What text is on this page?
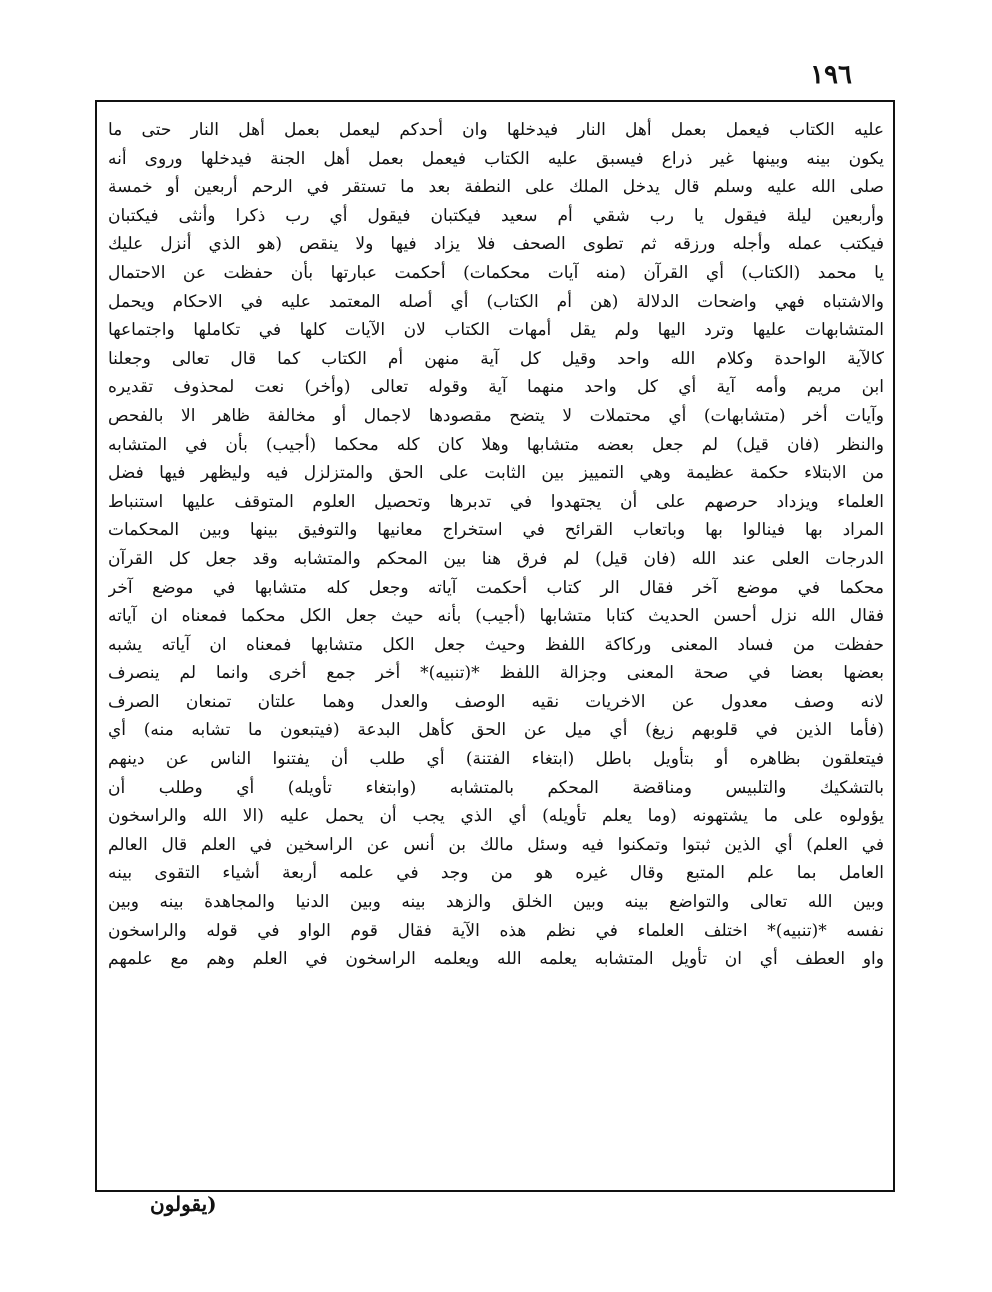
١٩٦
عليه الكتاب فيعمل بعمل أهل النار فيدخلها وان أحدكم ليعمل بعمل أهل النار حتى ما
يكون بينه وبينها غير ذراع فيسبق عليه الكتاب فيعمل بعمل أهل الجنة فيدخلها وروى أنه
صلى الله عليه وسلم قال يدخل الملك على النطفة بعد ما تستقر في الرحم أربعين أو خمسة
وأربعين ليلة فيقول يا رب شقي أم سعيد فيكتبان فيقول أي رب ذكرا وأنثى فيكتبان
فيكتب عمله وأجله ورزقه ثم تطوى الصحف فلا يزاد فيها ولا ينقص (هو الذي أنزل عليك
يا محمد (الكتاب) أي القرآن (منه آيات محكمات) أحكمت عبارتها بأن حفظت عن الاحتمال
والاشتباه فهي واضحات الدلالة (هن أم الكتاب) أي أصله المعتمد عليه في الاحكام ويحمل
المتشابهات عليها وترد اليها ولم يقل أمهات الكتاب لان الآيات كلها في تكاملها واجتماعها
كالآية الواحدة وكلام الله واحد وقيل كل آية منهن أم الكتاب كما قال تعالى وجعلنا
ابن مريم وأمه آية أي كل واحد منهما آية وقوله تعالى (وأخر) نعت لمحذوف تقديره
وآيات أخر (متشابهات) أي محتملات لا يتضح مقصودها لاجمال أو مخالفة ظاهر الا بالفحص
والنظر (فان قيل) لم جعل بعضه متشابها وهلا كان كله محكما (أجيب) بأن في المتشابه
من الابتلاء حكمة عظيمة وهي التمييز بين الثابت على الحق والمتزلزل فيه وليظهر فيها فضل
العلماء ويزداد حرصهم على أن يجتهدوا في تدبرها وتحصيل العلوم المتوقف عليها استنباط
المراد بها فينالوا بها وباتعاب القرائح في استخراج معانيها والتوفيق بينها وبين المحكمات
الدرجات العلى عند الله (فان قيل) لم فرق هنا بين المحكم والمتشابه وقد جعل كل القرآن
محكما في موضع آخر فقال الر كتاب أحكمت آياته وجعل كله متشابها في موضع آخر
فقال الله نزل أحسن الحديث كتابا متشابها (أجيب) بأنه حيث جعل الكل محكما فمعناه ان آياته
حفظت من فساد المعنى وركاكة اللفظ وحيث جعل الكل متشابها فمعناه ان آياته يشبه
بعضها بعضا في صحة المعنى وجزالة اللفظ *(تنبيه)* أخر جمع أخرى وانما لم ينصرف
لانه وصف معدول عن الاخريات نقيه الوصف والعدل وهما علتان تمنعان الصرف
(فأما الذين في قلوبهم زيغ) أي ميل عن الحق كأهل البدعة (فيتبعون ما تشابه منه) أي
فيتعلقون بظاهره أو بتأويل باطل (ابتغاء الفتنة) أي طلب أن يفتنوا الناس عن دينهم
بالتشكيك والتلبيس ومناقضة المحكم بالمتشابه (وابتغاء تأويله) أي وطلب أن
يؤولوه على ما يشتهونه (وما يعلم تأويله) أي الذي يجب أن يحمل عليه (الا الله والراسخون
في العلم) أي الذين ثبتوا وتمكنوا فيه وسئل مالك بن أنس عن الراسخين في العلم قال العالم
العامل بما علم المتبع وقال غيره هو من وجد في علمه أربعة أشياء التقوى بينه
وبين الله تعالى والتواضع بينه وبين الخلق والزهد بينه وبين الدنيا والمجاهدة بينه وبين
نفسه *(تنبيه)* اختلف العلماء في نظم هذه الآية فقال قوم الواو في قوله والراسخون
واو العطف أي ان تأويل المتشابه يعلمه الله ويعلمه الراسخون في العلم وهم مع علمهم
(يقولون
